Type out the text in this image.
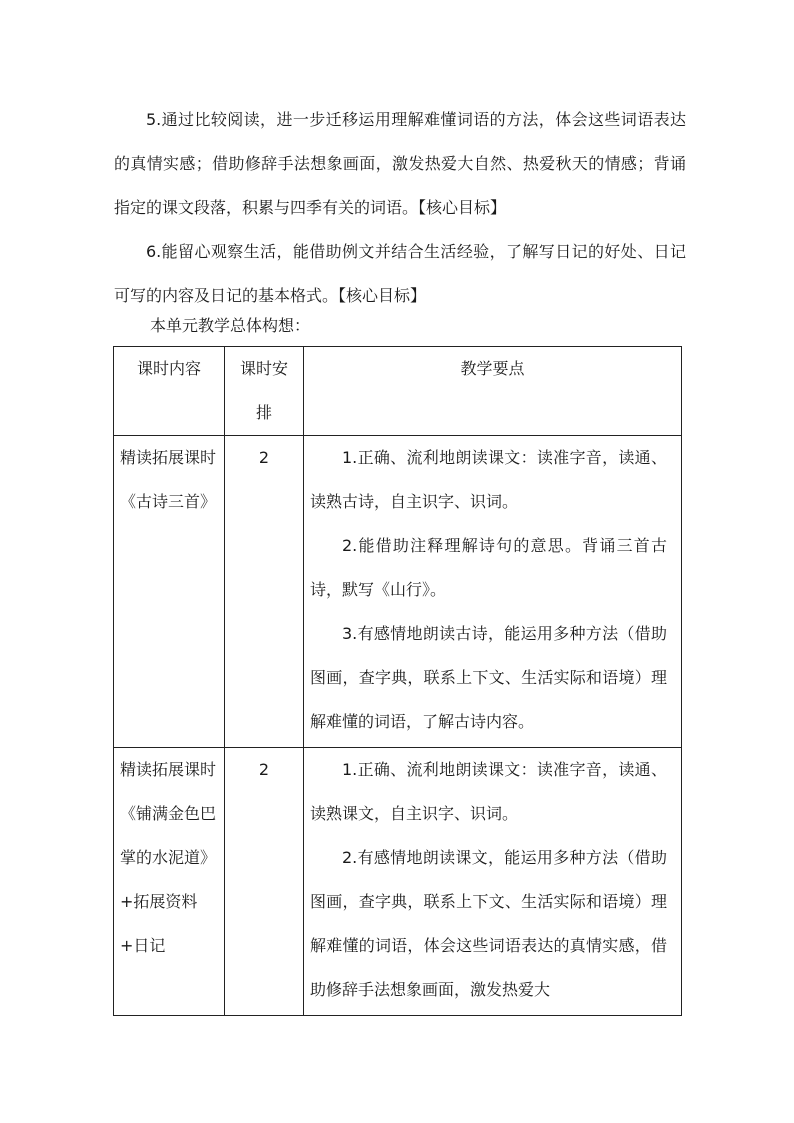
5.通过比较阅读，进一步迁移运用理解难懂词语的方法，体会这些词语表达的真情实感；借助修辞手法想象画面，激发热爱大自然、热爱秋天的情感；背诵指定的课文段落，积累与四季有关的词语。【核心目标】

6.能留心观察生活，能借助例文并结合生活经验，了解写日记的好处、日记可写的内容及日记的基本格式。【核心目标】

本单元教学总体构想：

课时内容	课时安排	教学要点
精读拓展课时《古诗三首》	2	1.正确、流利地朗读课文：读准字音，读通、读熟古诗，自主识字、识词。

2.能借助注释理解诗句的意思。背诵三首古诗，默写《山行》。

3.有感情地朗读古诗，能运用多种方法（借助图画，查字典，联系上下文、生活实际和语境）理解难懂的词语，了解古诗内容。

精读拓展课时《铺满金色巴掌的水泥道》+拓展资料+日记	2	1.正确、流利地朗读课文：读准字音，读通、读熟课文，自主识字、识词。

2.有感情地朗读课文，能运用多种方法（借助图画，查字典，联系上下文、生活实际和语境）理解难懂的词语，体会这些词语表达的真情实感，借助修辞手法想象画面，激发热爱大
